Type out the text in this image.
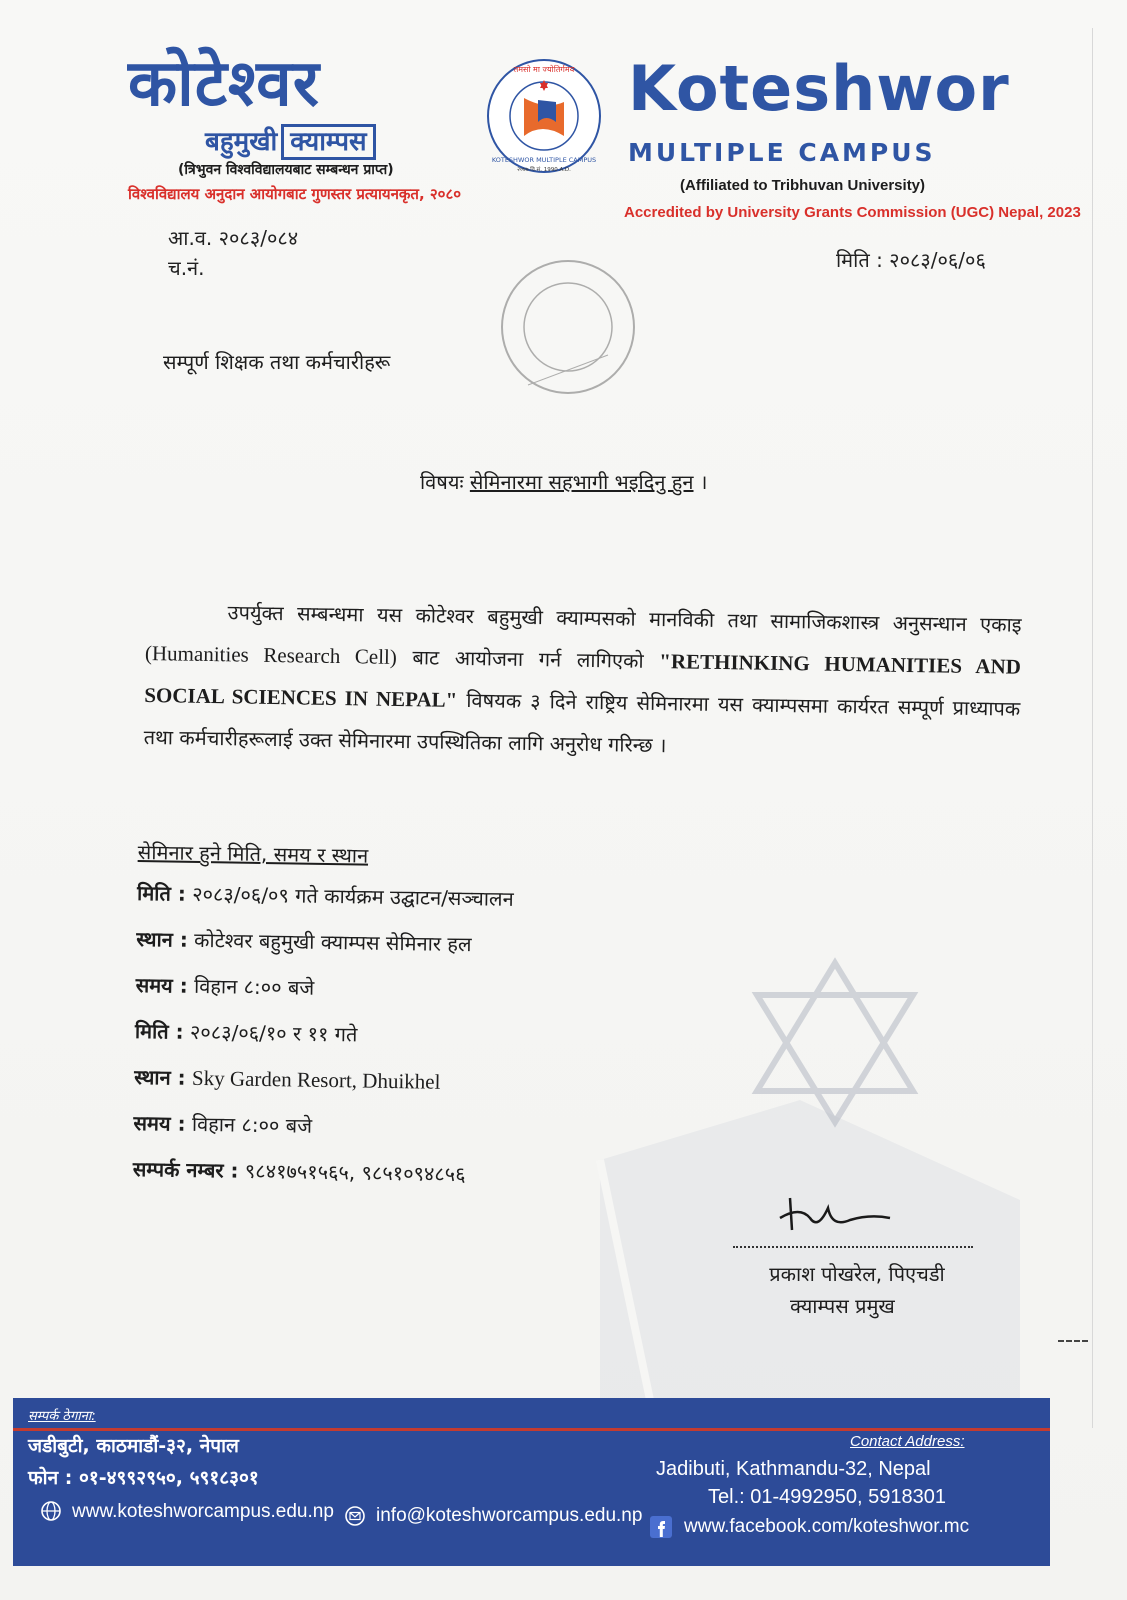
कोटेश्वर
बहुमुखी क्याम्पस
(त्रिभुवन विश्वविद्यालयबाट सम्बन्धन प्राप्त)
विश्वविद्यालय अनुदान आयोगबाट गुणस्तर प्रत्यायनकृत, २०८०
तमसो मा ज्योतिर्गमय
KOTESHWOR MULTIPLE CAMPUS
२०४७ वि.सं. 1990 A.D.
Koteshwor
MULTIPLE CAMPUS
(Affiliated to Tribhuvan University)
Accredited by University Grants Commission (UGC) Nepal, 2023
आ.व. २०८३/०८४
च.नं.	मिति : २०८३/०६/०६
सम्पूर्ण शिक्षक तथा कर्मचारीहरू
विषयः सेमिनारमा सहभागी भइदिनु हुन ।
उपर्युक्त सम्बन्धमा यस कोटेश्वर बहुमुखी क्याम्पसको मानविकी तथा सामाजिकशास्त्र अनुसन्धान एकाइ (Humanities Research Cell) बाट आयोजना गर्न लागिएको "RETHINKING HUMANITIES AND SOCIAL SCIENCES IN NEPAL" विषयक ३ दिने राष्ट्रिय सेमिनारमा यस क्याम्पसमा कार्यरत सम्पूर्ण प्राध्यापक तथा कर्मचारीहरूलाई उक्त सेमिनारमा उपस्थितिका लागि अनुरोध गरिन्छ ।
सेमिनार हुने मिति, समय र स्थान
मिति : २०८३/०६/०९ गते कार्यक्रम उद्घाटन/सञ्चालन
स्थान : कोटेश्वर बहुमुखी क्याम्पस सेमिनार हल
समय : विहान ८:०० बजे
मिति : २०८३/०६/१० र ११ गते
स्थान : Sky Garden Resort, Dhuikhel
समय : विहान ८:०० बजे
सम्पर्क नम्बर : ९८४१७५१५६५, ९८५१०९४८५६
प्रकाश पोखरेल, पिएचडी
क्याम्पस प्रमुख
सम्पर्क ठेगाना:
जडीबुटी, काठमाडौं-३२, नेपाल
फोन : ०१-४९९२९५०, ५९१८३०१
www.koteshworcampus.edu.np info@koteshworcampus.edu.np
Contact Address:
Jadibuti, Kathmandu-32, Nepal
Tel.: 01-4992950, 5918301
www.facebook.com/koteshwor.mc
